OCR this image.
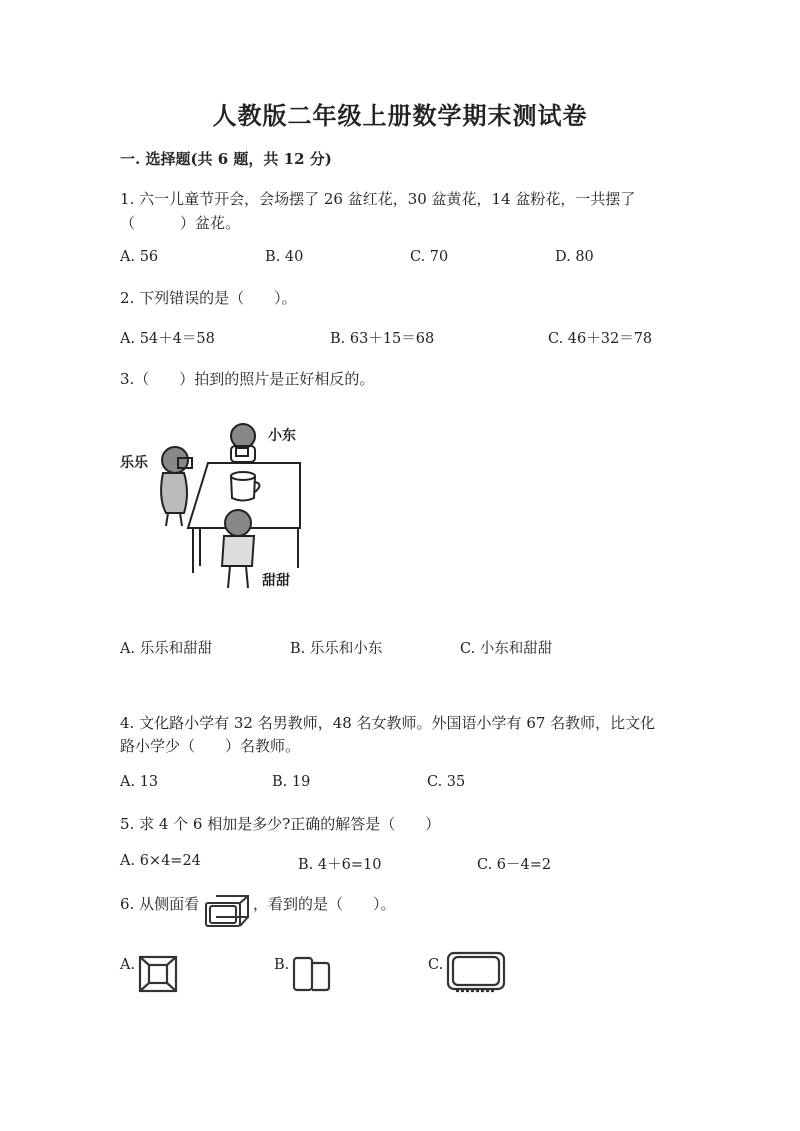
人教版二年级上册数学期末测试卷
一. 选择题(共 6 题，共 12 分)
1. 六一儿童节开会，会场摆了 26 盆红花，30 盆黄花，14 盆粉花，一共摆了
（　　　）盆花。
A. 56	B. 40	C. 70	D. 80
2. 下列错误的是（　　）。
A. 54＋4＝58	B. 63＋15＝68	C. 46＋32＝78
3.（　　）拍到的照片是正好相反的。
乐乐
小东
甜甜
A. 乐乐和甜甜	B. 乐乐和小东	C. 小东和甜甜
4. 文化路小学有 32 名男教师，48 名女教师。外国语小学有 67 名教师，比文化
路小学少（　　）名教师。
A. 13	B. 19	C. 35
5. 求 4 个 6 相加是多少?正确的解答是（　　）
A. 6×4=24	B. 4＋6=10	C. 6－4=2
6. 从侧面看	，看到的是（　　）。
A.	B.	C.
